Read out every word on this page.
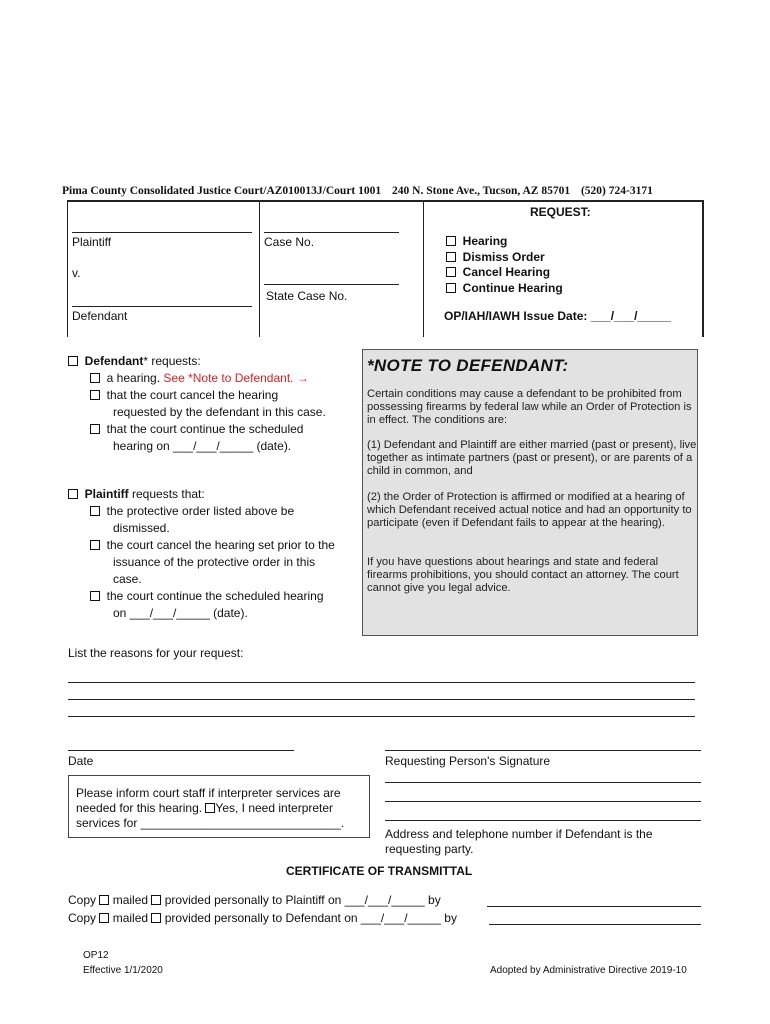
Pima County Consolidated Justice Court/AZ010013J/Court 1001 240 N. Stone Ave., Tucson, AZ 85701 (520) 724-3171
Plaintiff
v.
Defendant
Case No.
State Case No.
REQUEST:
Hearing
Dismiss Order
Cancel Hearing
Continue Hearing
OP/IAH/IAWH Issue Date: ___/___/_____
Defendant* requests:
a hearing. See *Note to Defendant. →
that the court cancel the hearing
requested by the defendant in this case.
that the court continue the scheduled
hearing on ___/___/_____ (date).
Plaintiff requests that:
the protective order listed above be
dismissed.
the court cancel the hearing set prior to the
issuance of the protective order in this
case.
the court continue the scheduled hearing
on ___/___/_____ (date).
*NOTE TO DEFENDANT:
Certain conditions may cause a defendant to be prohibited from possessing firearms by federal law while an Order of Protection is in effect. The conditions are:
(1) Defendant and Plaintiff are either married (past or present), live together as intimate partners (past or present), or are parents of a child in common, and
(2) the Order of Protection is affirmed or modified at a hearing of which Defendant received actual notice and had an opportunity to participate (even if Defendant fails to appear at the hearing).
If you have questions about hearings and state and federal firearms prohibitions, you should contact an attorney. The court cannot give you legal advice.
List the reasons for your request:
Date	Requesting Person's Signature
Please inform court staff if interpreter services are
needed for this hearing. Yes, I need interpreter
services for ______________________________.
Address and telephone number if Defendant is the requesting party.
CERTIFICATE OF TRANSMITTAL
Copy mailed provided personally to Plaintiff on ___/___/_____ by
Copy mailed provided personally to Defendant on ___/___/_____ by
OP12
Effective 1/1/2020	Adopted by Administrative Directive 2019-10
